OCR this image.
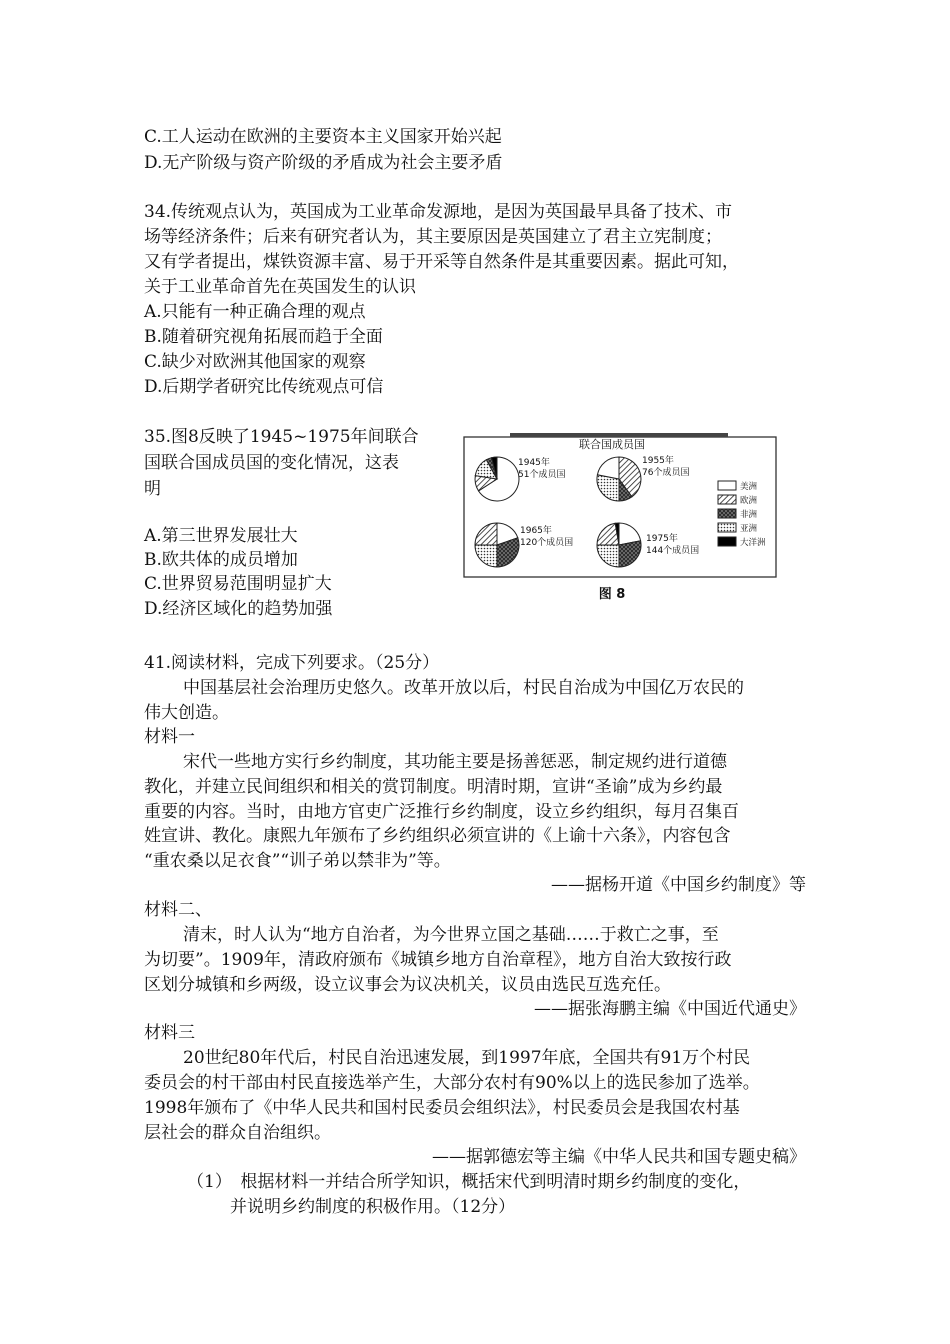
C.工人运动在欧洲的主要资本主义国家开始兴起
D.无产阶级与资产阶级的矛盾成为社会主要矛盾
34.传统观点认为，英国成为工业革命发源地，是因为英国最早具备了技术、市
场等经济条件；后来有研究者认为，其主要原因是英国建立了君主立宪制度；
又有学者提出，煤铁资源丰富、易于开采等自然条件是其重要因素。据此可知，
关于工业革命首先在英国发生的认识
A.只能有一种正确合理的观点
B.随着研究视角拓展而趋于全面
C.缺少对欧洲其他国家的观察
D.后期学者研究比传统观点可信
35.图8反映了1945~1975年间联合
国联合国成员国的变化情况，这表
明
A.第三世界发展壮大
B.欧共体的成员增加
C.世界贸易范围明显扩大
D.经济区域化的趋势加强
联合国成员国
1945年
51个成员国
1955年
76个成员国
1965年
120个成员国	1975年
144个成员国
美洲
欧洲
非洲
亚洲
大洋洲
图 8
41.阅读材料，完成下列要求。（25分）
中国基层社会治理历史悠久。改革开放以后，村民自治成为中国亿万农民的
伟大创造。
材料一
宋代一些地方实行乡约制度，其功能主要是扬善惩恶，制定规约进行道德
教化，并建立民间组织和相关的赏罚制度。明清时期，宣讲“圣谕”成为乡约最
重要的内容。当时，由地方官吏广泛推行乡约制度，设立乡约组织，每月召集百
姓宣讲、教化。康熙九年颁布了乡约组织必须宣讲的《上谕十六条》，内容包含
“重农桑以足衣食”“训子弟以禁非为”等。
——据杨开道《中国乡约制度》等
材料二、
清末，时人认为“地方自治者，为今世界立国之基础……于救亡之事，至
为切要”。1909年，清政府颁布《城镇乡地方自治章程》，地方自治大致按行政
区划分城镇和乡两级，设立议事会为议决机关，议员由选民互选充任。
——据张海鹏主编《中国近代通史》
材料三
20世纪80年代后，村民自治迅速发展，到1997年底，全国共有91万个村民
委员会的村干部由村民直接选举产生，大部分农村有90%以上的选民参加了选举。
1998年颁布了《中华人民共和国村民委员会组织法》，村民委员会是我国农村基
层社会的群众自治组织。
——据郭德宏等主编《中华人民共和国专题史稿》
（1）　根据材料一并结合所学知识，概括宋代到明清时期乡约制度的变化，
并说明乡约制度的积极作用。（12分）
